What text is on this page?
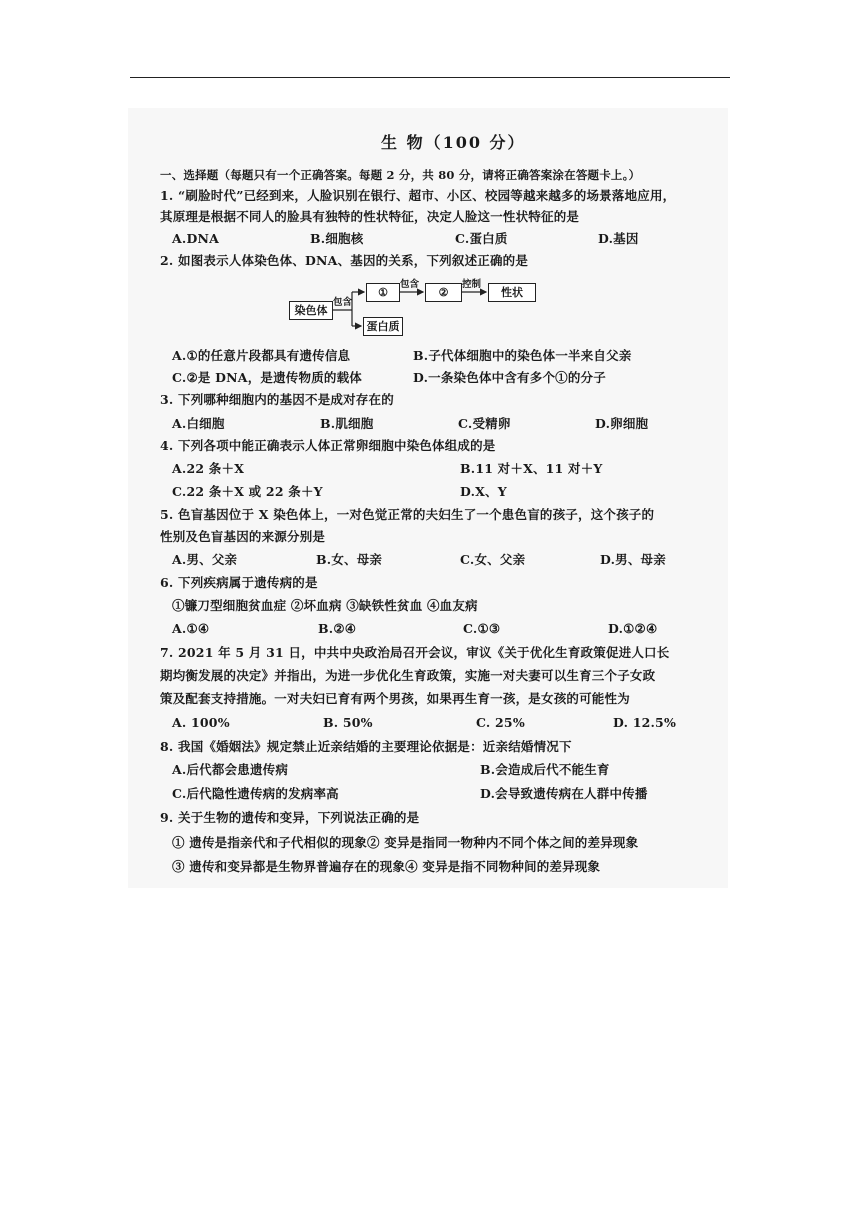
生 物（100 分）
一、选择题（每题只有一个正确答案。每题 2 分，共 80 分，请将正确答案涂在答题卡上。）
1. “刷脸时代”已经到来，人脸识别在银行、超市、小区、校园等越来越多的场景落地应用，
其原理是根据不同人的脸具有独特的性状特征，决定人脸这一性状特征的是
A.DNA	B.细胞核	C.蛋白质	D.基因
2. 如图表示人体染色体、DNA、基因的关系，下列叙述正确的是
染色体
①	②	性状
蛋白质
包含
包含	控制
A.①的任意片段都具有遗传信息	B.子代体细胞中的染色体一半来自父亲
C.②是 DNA，是遗传物质的载体	D.一条染色体中含有多个①的分子
3. 下列哪种细胞内的基因不是成对存在的
A.白细胞	B.肌细胞	C.受精卵	D.卵细胞
4. 下列各项中能正确表示人体正常卵细胞中染色体组成的是
A.22 条＋X	B.11 对＋X、11 对＋Y
C.22 条＋X 或 22 条＋Y	D.X、Y
5. 色盲基因位于 X 染色体上，一对色觉正常的夫妇生了一个患色盲的孩子，这个孩子的
性别及色盲基因的来源分别是
A.男、父亲	B.女、母亲	C.女、父亲	D.男、母亲
6. 下列疾病属于遗传病的是
①镰刀型细胞贫血症 ②坏血病 ③缺铁性贫血 ④血友病
A.①④	B.②④	C.①③	D.①②④
7. 2021 年 5 月 31 日，中共中央政治局召开会议，审议《关于优化生育政策促进人口长
期均衡发展的决定》并指出，为进一步优化生育政策，实施一对夫妻可以生育三个子女政
策及配套支持措施。一对夫妇已育有两个男孩，如果再生育一孩，是女孩的可能性为
A. 100%	B. 50%	C. 25%	D. 12.5%
8. 我国《婚姻法》规定禁止近亲结婚的主要理论依据是：近亲结婚情况下
A.后代都会患遗传病	B.会造成后代不能生育
C.后代隐性遗传病的发病率高	D.会导致遗传病在人群中传播
9. 关于生物的遗传和变异，下列说法正确的是
① 遗传是指亲代和子代相似的现象② 变异是指同一物种内不同个体之间的差异现象
③ 遗传和变异都是生物界普遍存在的现象④ 变异是指不同物种间的差异现象
